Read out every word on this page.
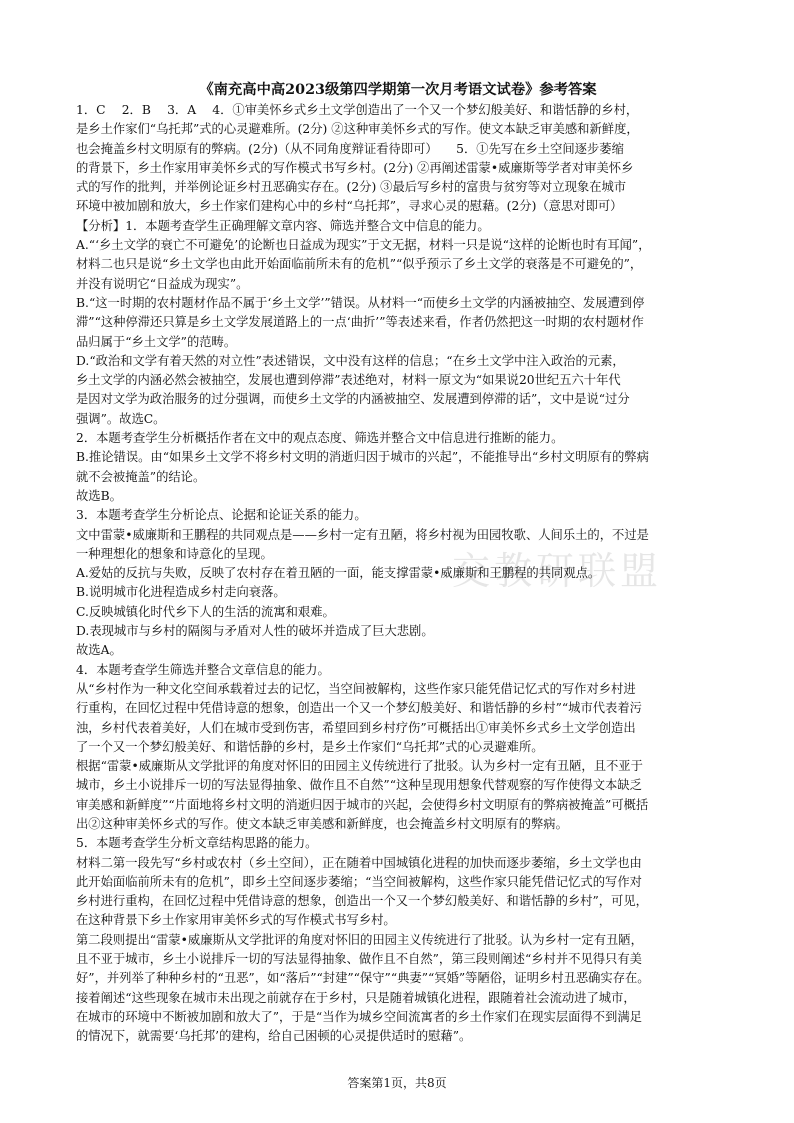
交教研联盟
《南充高中高2023级第四学期第一次月考语文试卷》参考答案
1．C　 2．B　 3．A　 4．①审美怀乡式乡土文学创造出了一个又一个梦幻般美好、和谐恬静的乡村，
是乡土作家们“乌托邦”式的心灵避难所。(2分) ②这种审美怀乡式的写作。使文本缺乏审美感和新鲜度，
也会掩盖乡村文明原有的弊病。(2分)（从不同角度辩证看待即可）　　5．①先写在乡土空间逐步萎缩
的背景下，乡土作家用审美怀乡式的写作模式书写乡村。(2分) ②再阐述雷蒙•威廉斯等学者对审美怀乡
式的写作的批判，并举例论证乡村丑恶确实存在。(2分) ③最后写乡村的富贵与贫穷等对立现象在城市
环境中被加剧和放大，乡土作家们建构心中的乡村“乌托邦”，寻求心灵的慰藉。(2分)（意思对即可）
【分析】1．本题考查学生正确理解文章内容、筛选并整合文中信息的能力。
A.“‘乡土文学的衰亡不可避免’的论断也日益成为现实”于文无据，材料一只是说“这样的论断也时有耳闻”，
材料二也只是说“乡土文学也由此开始面临前所未有的危机”“似乎预示了乡土文学的衰落是不可避免的”，
并没有说明它“日益成为现实”。
B.“这一时期的农村题材作品不属于‘乡土文学’”错误。从材料一“而使乡土文学的内涵被抽空、发展遭到停
滞”“这种停滞还只算是乡土文学发展道路上的一点‘曲折’”等表述来看，作者仍然把这一时期的农村题材作
品归属于“乡土文学”的范畴。
D.“政治和文学有着天然的对立性”表述错误，文中没有这样的信息；“在乡土文学中注入政治的元素，
乡土文学的内涵必然会被抽空，发展也遭到停滞”表述绝对，材料一原文为“如果说20世纪五六十年代
是因对文学为政治服务的过分强调，而使乡土文学的内涵被抽空、发展遭到停滞的话”，文中是说“过分
强调”。故选C。
2．本题考查学生分析概括作者在文中的观点态度、筛选并整合文中信息进行推断的能力。
B.推论错误。由“如果乡土文学不将乡村文明的消逝归因于城市的兴起”，不能推导出“乡村文明原有的弊病
就不会被掩盖”的结论。
故选B。
3．本题考查学生分析论点、论据和论证关系的能力。
文中雷蒙•威廉斯和王鹏程的共同观点是——乡村一定有丑陋，将乡村视为田园牧歌、人间乐土的，不过是
一种理想化的想象和诗意化的呈现。
A.爱姑的反抗与失败，反映了农村存在着丑陋的一面，能支撑雷蒙•威廉斯和王鹏程的共同观点。
B.说明城市化进程造成乡村走向衰落。
C.反映城镇化时代乡下人的生活的流寓和艰难。
D.表现城市与乡村的隔阂与矛盾对人性的破坏并造成了巨大悲剧。
故选A。
4．本题考查学生筛选并整合文章信息的能力。
从“乡村作为一种文化空间承载着过去的记忆，当空间被解构，这些作家只能凭借记忆式的写作对乡村进
行重构，在回忆过程中凭借诗意的想象，创造出一个又一个梦幻般美好、和谐恬静的乡村”“城市代表着污
浊，乡村代表着美好，人们在城市受到伤害，希望回到乡村疗伤”可概括出①审美怀乡式乡土文学创造出
了一个又一个梦幻般美好、和谐恬静的乡村，是乡土作家们“乌托邦”式的心灵避难所。
根据“雷蒙•威廉斯从文学批评的角度对怀旧的田园主义传统进行了批驳。认为乡村一定有丑陋，且不亚于
城市，乡土小说排斥一切的写法显得抽象、做作且不自然”“这种呈现用想象代替观察的写作使得文本缺乏
审美感和新鲜度”“片面地将乡村文明的消逝归因于城市的兴起，会使得乡村文明原有的弊病被掩盖”可概括
出②这种审美怀乡式的写作。使文本缺乏审美感和新鲜度，也会掩盖乡村文明原有的弊病。
5．本题考查学生分析文章结构思路的能力。
材料二第一段先写“乡村或农村（乡土空间），正在随着中国城镇化进程的加快而逐步萎缩，乡土文学也由
此开始面临前所未有的危机”，即乡土空间逐步萎缩；“当空间被解构，这些作家只能凭借记忆式的写作对
乡村进行重构，在回忆过程中凭借诗意的想象，创造出一个又一个梦幻般美好、和谐恬静的乡村”，可见，
在这种背景下乡土作家用审美怀乡式的写作模式书写乡村。
第二段则提出“雷蒙•威廉斯从文学批评的角度对怀旧的田园主义传统进行了批驳。认为乡村一定有丑陋，
且不亚于城市，乡土小说排斥一切的写法显得抽象、做作且不自然”，第三段则阐述“乡村并不见得只有美
好”，并列举了种种乡村的“丑恶”，如“落后”“封建”“保守”“典妻”“冥婚”等陋俗，证明乡村丑恶确实存在。
接着阐述“这些现象在城市未出现之前就存在于乡村，只是随着城镇化进程，跟随着社会流动进了城市，
在城市的环境中不断被加剧和放大了”，于是“当作为城乡空间流寓者的乡土作家们在现实层面得不到满足
的情况下，就需要‘乌托邦’的建构，给自己困顿的心灵提供适时的慰藉”。
答案第1页，共8页
